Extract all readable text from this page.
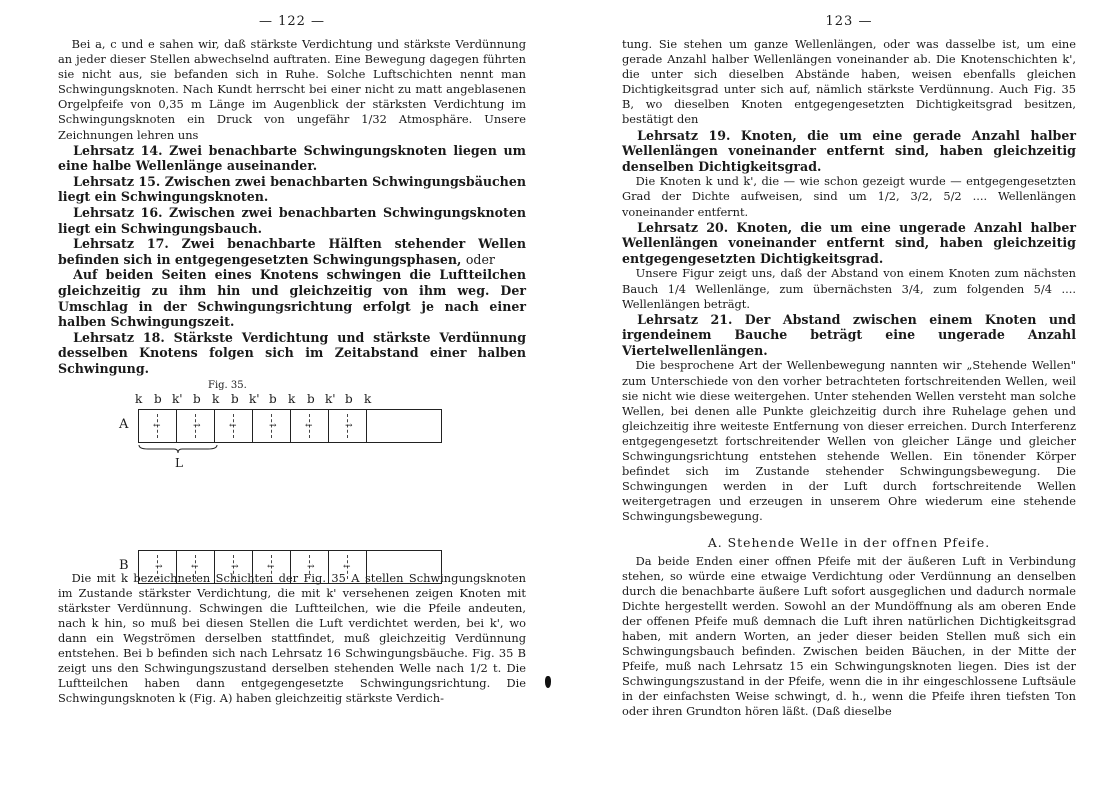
— 122 —

Bei a, c und e sahen wir, daß stärkste Verdichtung und stärkste Verdünnung an jeder dieser Stellen abwechselnd auftraten. Eine Bewegung dagegen führten sie nicht aus, sie befanden sich in Ruhe. Solche Luftschichten nennt man Schwingungsknoten. Nach Kundt herrscht bei einer nicht zu matt angeblasenen Orgelpfeife von 0,35 m Länge im Augenblick der stärksten Verdichtung im Schwingungsknoten ein Druck von ungefähr 1/32 Atmosphäre. Unsere Zeichnungen lehren uns

Lehrsatz 14. Zwei benachbarte Schwingungsknoten liegen um eine halbe Wellenlänge auseinander.

Lehrsatz 15. Zwischen zwei benachbarten Schwingungsbäuchen liegt ein Schwingungsknoten.

Lehrsatz 16. Zwischen zwei benachbarten Schwingungsknoten liegt ein Schwingungsbauch.

Lehrsatz 17. Zwei benachbarte Hälften stehender Wellen befinden sich in entgegengesetzten Schwingungsphasen, oder

Auf beiden Seiten eines Knotens schwingen die Luftteilchen gleichzeitig zu ihm hin und gleichzeitig von ihm weg. Der Umschlag in der Schwingungsrichtung erfolgt je nach einer halben Schwingungszeit.

Lehrsatz 18. Stärkste Verdichtung und stärkste Verdünnung desselben Knotens folgen sich im Zeitabstand einer halben Schwingung.

Fig. 35.
k b k' b k b k' b k b k' b k
A	←	→	←	→	←	→
L
B	→	←	→	←	→	←

Die mit k bezeichneten Schichten der Fig. 35 A stellen Schwingungsknoten im Zustande stärkster Verdichtung, die mit k' versehenen zeigen Knoten mit stärkster Verdünnung. Schwingen die Luftteilchen, wie die Pfeile andeuten, nach k hin, so muß bei diesen Stellen die Luft verdichtet werden, bei k', wo dann ein Wegströmen derselben stattfindet, muß gleichzeitig Verdünnung entstehen. Bei b befinden sich nach Lehrsatz 16 Schwingungsbäuche. Fig. 35 B zeigt uns den Schwingungszustand derselben stehenden Welle nach 1/2 t. Die Luftteilchen haben dann entgegengesetzte Schwingungsrichtung. Die Schwingungsknoten k (Fig. A) haben gleichzeitig stärkste Verdich-

123 —

tung. Sie stehen um ganze Wellenlängen, oder was dasselbe ist, um eine gerade Anzahl halber Wellenlängen voneinander ab. Die Knotenschichten k', die unter sich dieselben Abstände haben, weisen ebenfalls gleichen Dichtigkeitsgrad unter sich auf, nämlich stärkste Verdünnung. Auch Fig. 35 B, wo dieselben Knoten entgegengesetzten Dichtigkeitsgrad besitzen, bestätigt den

Lehrsatz 19. Knoten, die um eine gerade Anzahl halber Wellenlängen voneinander entfernt sind, haben gleichzeitig denselben Dichtigkeitsgrad.

Die Knoten k und k', die — wie schon gezeigt wurde — entgegengesetzten Grad der Dichte aufweisen, sind um 1/2, 3/2, 5/2 .... Wellenlängen voneinander entfernt.

Lehrsatz 20. Knoten, die um eine ungerade Anzahl halber Wellenlängen voneinander entfernt sind, haben gleichzeitig entgegengesetzten Dichtigkeitsgrad.

Unsere Figur zeigt uns, daß der Abstand von einem Knoten zum nächsten Bauch 1/4 Wellenlänge, zum übernächsten 3/4, zum folgenden 5/4 .... Wellenlängen beträgt.

Lehrsatz 21. Der Abstand zwischen einem Knoten und irgendeinem Bauche beträgt eine ungerade Anzahl Viertelwellenlängen.

Die besprochene Art der Wellenbewegung nannten wir „Stehende Wellen" zum Unterschiede von den vorher betrachteten fortschreitenden Wellen, weil sie nicht wie diese weitergehen. Unter stehenden Wellen versteht man solche Wellen, bei denen alle Punkte gleichzeitig durch ihre Ruhelage gehen und gleichzeitig ihre weiteste Entfernung von dieser erreichen. Durch Interferenz entgegengesetzt fortschreitender Wellen von gleicher Länge und gleicher Schwingungsrichtung entstehen stehende Wellen. Ein tönender Körper befindet sich im Zustande stehender Schwingungsbewegung. Die Schwingungen werden in der Luft durch fortschreitende Wellen weitergetragen und erzeugen in unserem Ohre wiederum eine stehende Schwingungsbewegung.

A. Stehende Welle in der offnen Pfeife.

Da beide Enden einer offnen Pfeife mit der äußeren Luft in Verbindung stehen, so würde eine etwaige Verdichtung oder Verdünnung an denselben durch die benachbarte äußere Luft sofort ausgeglichen und dadurch normale Dichte hergestellt werden. Sowohl an der Mundöffnung als am oberen Ende der offenen Pfeife muß demnach die Luft ihren natürlichen Dichtigkeitsgrad haben, mit andern Worten, an jeder dieser beiden Stellen muß sich ein Schwingungsbauch befinden. Zwischen beiden Bäuchen, in der Mitte der Pfeife, muß nach Lehrsatz 15 ein Schwingungsknoten liegen. Dies ist der Schwingungszustand in der Pfeife, wenn die in ihr eingeschlossene Luftsäule in der einfachsten Weise schwingt, d. h., wenn die Pfeife ihren tiefsten Ton oder ihren Grundton hören läßt. (Daß dieselbe
